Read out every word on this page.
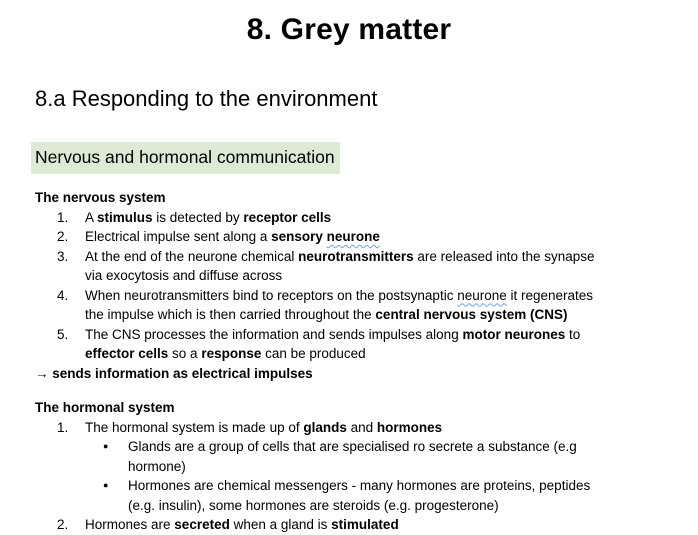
8. Grey matter
8.a Responding to the environment
Nervous and hormonal communication
The nervous system
1.	A stimulus is detected by receptor cells
2.	Electrical impulse sent along a sensory neurone
3.	At the end of the neurone chemical neurotransmitters are released into the synapse
via exocytosis and diffuse across
4.	When neurotransmitters bind to receptors on the postsynaptic neurone it regenerates
the impulse which is then carried throughout the central nervous system (CNS)
5.	The CNS processes the information and sends impulses along motor neurones to
effector cells so a response can be produced
→ sends information as electrical impulses
The hormonal system
1.	The hormonal system is made up of glands and hormones
●	Glands are a group of cells that are specialised ro secrete a substance (e.g
hormone)
●	Hormones are chemical messengers - many hormones are proteins, peptides
(e.g. insulin), some hormones are steroids (e.g. progesterone)
2.	Hormones are secreted when a gland is stimulated
